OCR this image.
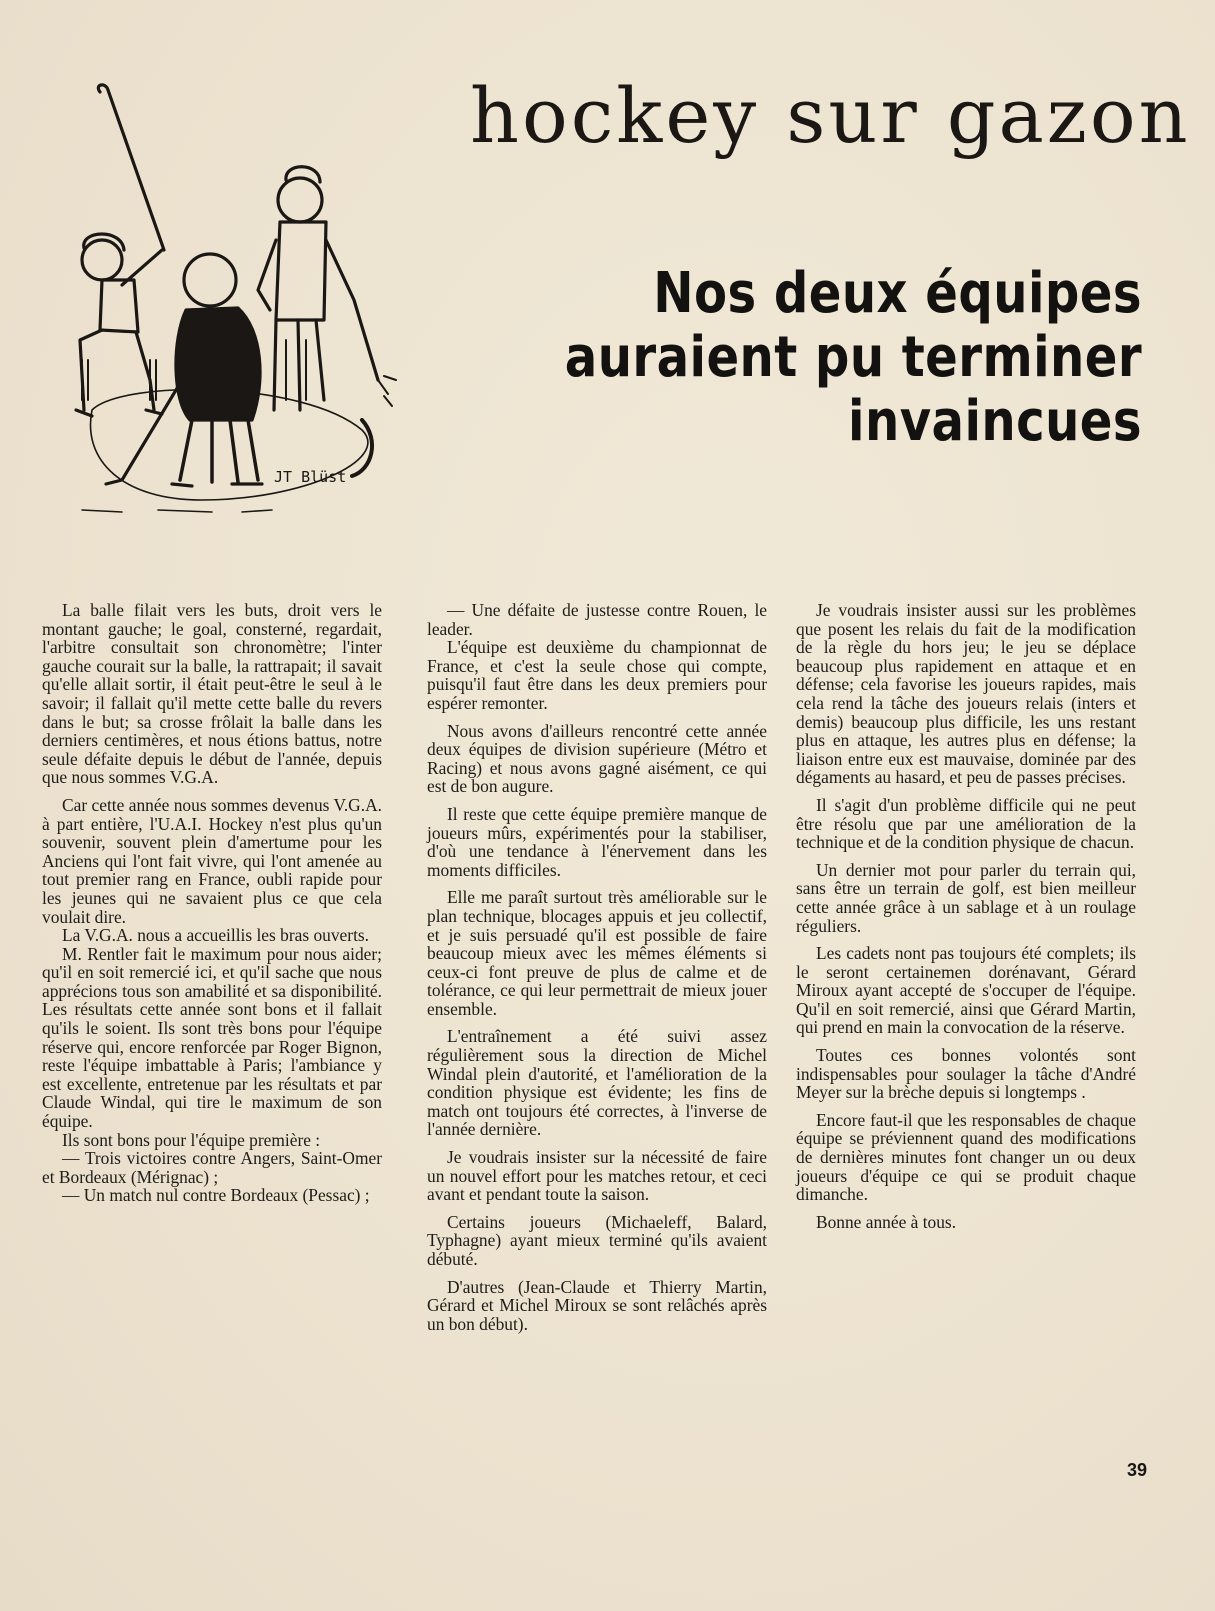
JT Blüst
hockey sur gazon
Nos deux équipes
auraient pu terminer
invaincues

La balle filait vers les buts, droit vers le montant gauche; le goal, consterné, regardait, l'arbitre consultait son chronomètre; l'inter gauche courait sur la balle, la rattrapait; il savait qu'elle allait sortir, il était peut-être le seul à le savoir; il fallait qu'il mette cette balle du revers dans le but; sa crosse frôlait la balle dans les derniers centimères, et nous étions battus, notre seule défaite depuis le début de l'année, depuis que nous sommes V.G.A.

Car cette année nous sommes devenus V.G.A. à part entière, l'U.A.I. Hockey n'est plus qu'un souvenir, souvent plein d'amertume pour les Anciens qui l'ont fait vivre, qui l'ont amenée au tout premier rang en France, oubli rapide pour les jeunes qui ne savaient plus ce que cela voulait dire.

La V.G.A. nous a accueillis les bras ouverts.

M. Rentler fait le maximum pour nous aider; qu'il en soit remercié ici, et qu'il sache que nous apprécions tous son amabilité et sa disponibilité. Les résultats cette année sont bons et il fallait qu'ils le soient. Ils sont très bons pour l'équipe réserve qui, encore renforcée par Roger Bignon, reste l'équipe imbattable à Paris; l'ambiance y est excellente, entretenue par les résultats et par Claude Windal, qui tire le maximum de son équipe.

Ils sont bons pour l'équipe première :

— Trois victoires contre Angers, Saint-Omer et Bordeaux (Mérignac) ;

— Un match nul contre Bordeaux (Pessac) ;

— Une défaite de justesse contre Rouen, le leader.

L'équipe est deuxième du championnat de France, et c'est la seule chose qui compte, puisqu'il faut être dans les deux premiers pour espérer remonter.

Nous avons d'ailleurs rencontré cette année deux équipes de division supérieure (Métro et Racing) et nous avons gagné aisément, ce qui est de bon augure.

Il reste que cette équipe première manque de joueurs mûrs, expérimentés pour la stabiliser, d'où une tendance à l'énervement dans les moments difficiles.

Elle me paraît surtout très améliorable sur le plan technique, blocages appuis et jeu collectif, et je suis persuadé qu'il est possible de faire beaucoup mieux avec les mêmes éléments si ceux-ci font preuve de plus de calme et de tolérance, ce qui leur permettrait de mieux jouer ensemble.

L'entraînement a été suivi assez régulièrement sous la direction de Michel Windal plein d'autorité, et l'amélioration de la condition physique est évidente; les fins de match ont toujours été correctes, à l'inverse de l'année dernière.

Je voudrais insister sur la nécessité de faire un nouvel effort pour les matches retour, et ceci avant et pendant toute la saison.

Certains joueurs (Michaeleff, Balard, Typhagne) ayant mieux terminé qu'ils avaient débuté.

D'autres (Jean-Claude et Thierry Martin, Gérard et Michel Miroux se sont relâchés après un bon début).

Je voudrais insister aussi sur les problèmes que posent les relais du fait de la modification de la règle du hors jeu; le jeu se déplace beaucoup plus rapidement en attaque et en défense; cela favorise les joueurs rapides, mais cela rend la tâche des joueurs relais (inters et demis) beaucoup plus difficile, les uns restant plus en attaque, les autres plus en défense; la liaison entre eux est mauvaise, dominée par des dégaments au hasard, et peu de passes précises.

Il s'agit d'un problème difficile qui ne peut être résolu que par une amélioration de la technique et de la condition physique de chacun.

Un dernier mot pour parler du terrain qui, sans être un terrain de golf, est bien meilleur cette année grâce à un sablage et à un roulage réguliers.

Les cadets nont pas toujours été complets; ils le seront certainemen dorénavant, Gérard Miroux ayant accepté de s'occuper de l'équipe. Qu'il en soit remercié, ainsi que Gérard Martin, qui prend en main la convocation de la réserve.

Toutes ces bonnes volontés sont indispensables pour soulager la tâche d'André Meyer sur la brèche depuis si longtemps .

Encore faut-il que les responsables de chaque équipe se préviennent quand des modifications de dernières minutes font changer un ou deux joueurs d'équipe ce qui se produit chaque dimanche.

Bonne année à tous.

39
